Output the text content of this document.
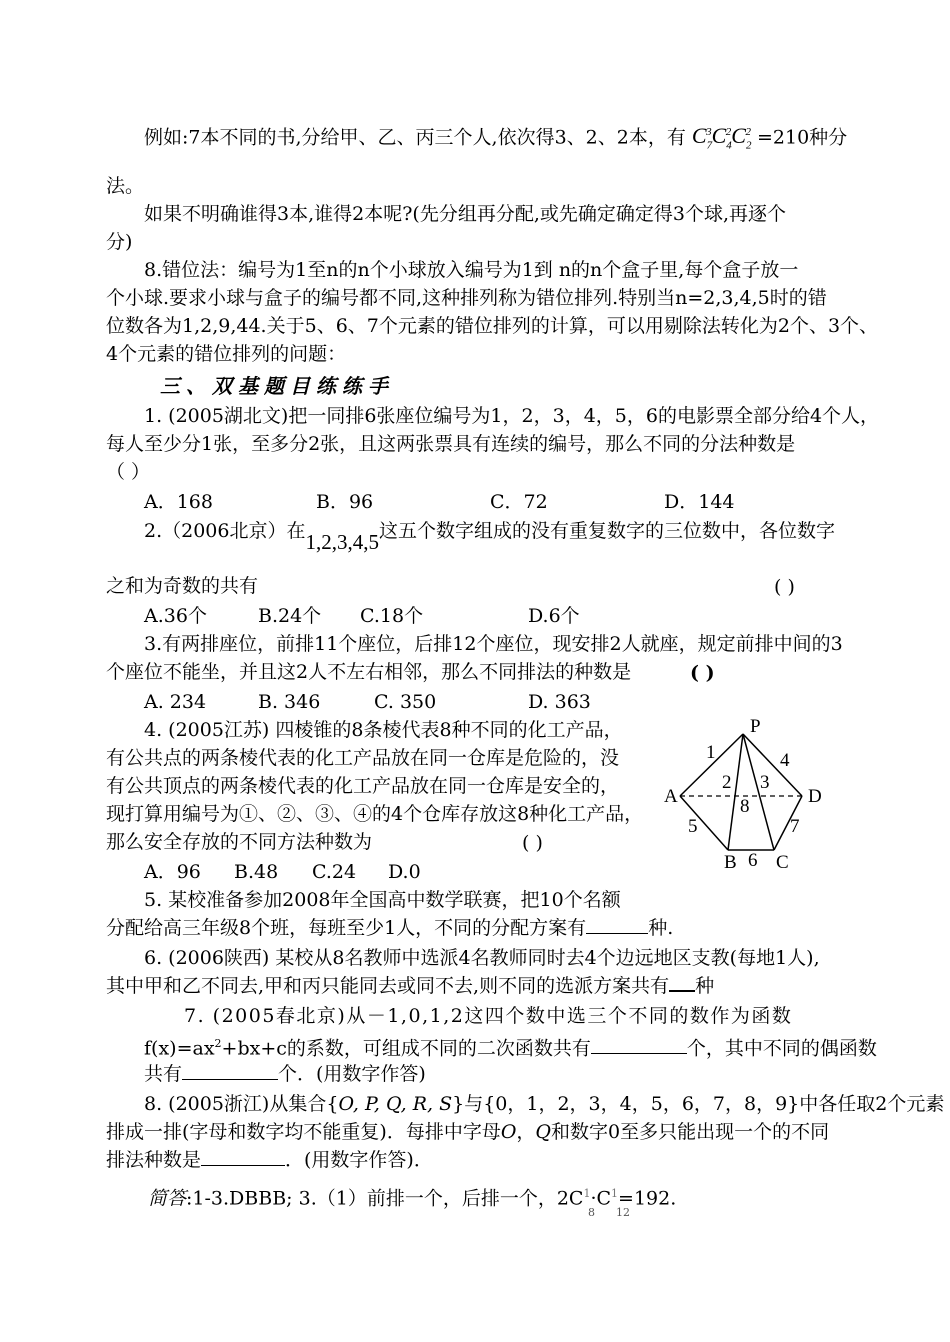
例如:7本不同的书,分给甲、乙、丙三个人,依次得3、2、2本，有 $C_7^3C_4^2C_2^2 =210$种分
法。
如果不明确谁得3本,谁得2本呢?(先分组再分配,或先确定确定得3个球,再逐个
分)
8.错位法：编号为1至n的n个小球放入编号为1到 n的n个盒子里,每个盒子放一
个小球.要求小球与盒子的编号都不同,这种排列称为错位排列.特别当n=2,3,4,5时的错
位数各为1,2,9,44.关于5、6、7个元素的错位排列的计算，可以用剔除法转化为2个、3个、
4个元素的错位排列的问题：
三、双基题目练练手
1. (2005湖北文)把一同排6张座位编号为1，2，3，4，5，6的电影票全部分给4个人，
每人至少分1张，至多分2张，且这两张票具有连续的编号，那么不同的分法种数是
（ ）
A．168	B．96	C．72	D．144
2.（2006北京）在1,2,3,4,5这五个数字组成的没有重复数字的三位数中，各位数字
之和为奇数的共有	( )
A.36个	B.24个 C.18个	D.6个
3.有两排座位，前排11个座位，后排12个座位，现安排2人就座，规定前排中间的3
个座位不能坐，并且这2人不左右相邻，那么不同排法的种数是	( )
A. 234	B. 346	C. 350	D. 363
4. (2005江苏) 四棱锥的8条棱代表8种不同的化工产品，
有公共点的两条棱代表的化工产品放在同一仓库是危险的，没
有公共顶点的两条棱代表的化工产品放在同一仓库是安全的，
现打算用编号为①、②、③、④的4个仓库存放这8种化工产品，
那么安全存放的不同方法种数为	( )
A．96 B.48 C.24 D.0
P
A
B C
D
1
2 3
4
5
6
7
8
5. 某校准备参加2008年全国高中数学联赛，把10个名额
分配给高三年级8个班，每班至少1人，不同的分配方案有	种.
6. (2006陕西) 某校从8名教师中选派4名教师同时去4个边远地区支教(每地1人),
其中甲和乙不同去,甲和丙只能同去或同不去,则不同的选派方案共有 种
7. (2005春北京)从－1,0,1,2这四个数中选三个不同的数作为函数
$f(x)=ax^2+bx+c$的系数，可组成不同的二次函数共有	个，其中不同的偶函数
共有	个．(用数字作答)
8. (2005浙江)从集合{O, P, Q, R, S}与{0，1，2，3，4，5，6，7，8，9}中各任取2个元素
排成一排(字母和数字均不能重复)．每排中字母O，Q和数字0至多只能出现一个的不同
排法种数是	．(用数字作答)．
简答:1-3.DBBB; 3.（1）前排一个，后排一个，$2C^1\cdot C^1=192$.
8 12
